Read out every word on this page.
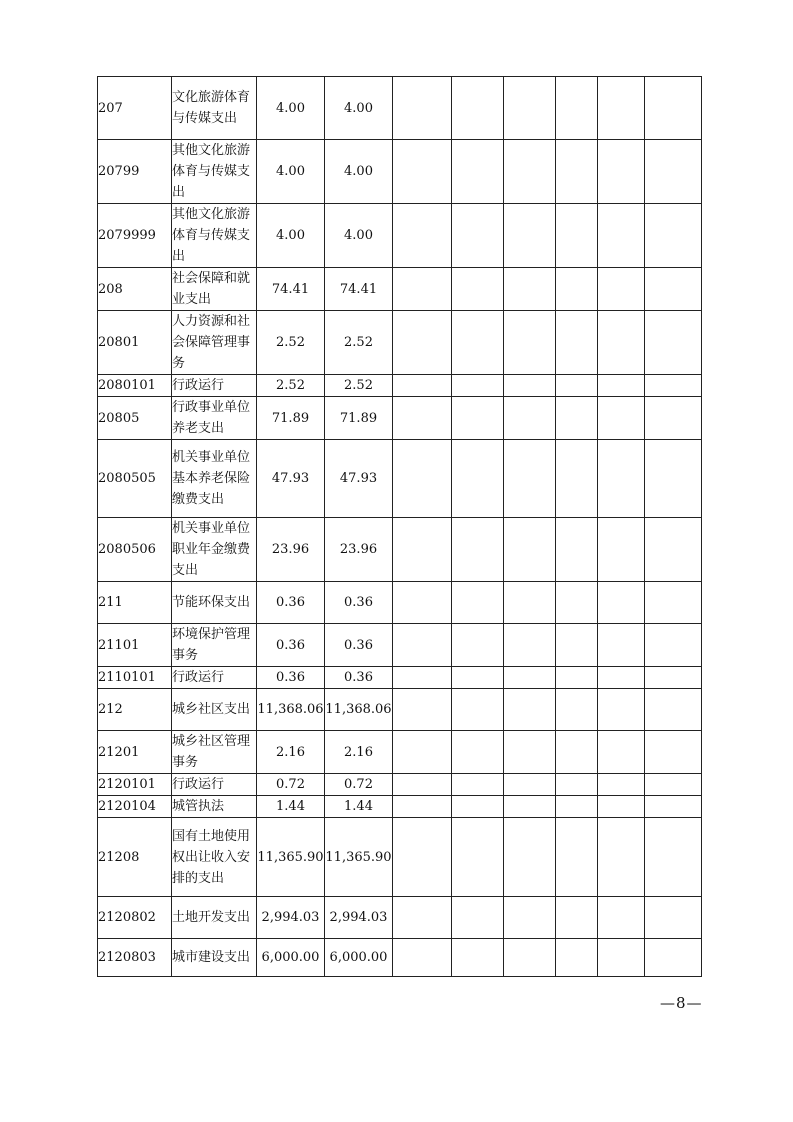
207	文化旅游体育与传媒支出	4.00	4.00						
20799	其他文化旅游体育与传媒支出	4.00	4.00						
2079999	其他文化旅游体育与传媒支出	4.00	4.00						
208	社会保障和就业支出	74.41	74.41						
20801	人力资源和社会保障管理事务	2.52	2.52						
2080101	行政运行	2.52	2.52						
20805	行政事业单位养老支出	71.89	71.89						
2080505	机关事业单位基本养老保险缴费支出	47.93	47.93						
2080506	机关事业单位职业年金缴费支出	23.96	23.96						
211	节能环保支出	0.36	0.36						
21101	环境保护管理事务	0.36	0.36						
2110101	行政运行	0.36	0.36						
212	城乡社区支出	11,368.06	11,368.06						
21201	城乡社区管理事务	2.16	2.16						
2120101	行政运行	0.72	0.72						
2120104	城管执法	1.44	1.44						
21208	国有土地使用权出让收入安排的支出	11,365.90	11,365.90						
2120802	土地开发支出	2,994.03	2,994.03						
2120803	城市建设支出	6,000.00	6,000.00						
—8—
